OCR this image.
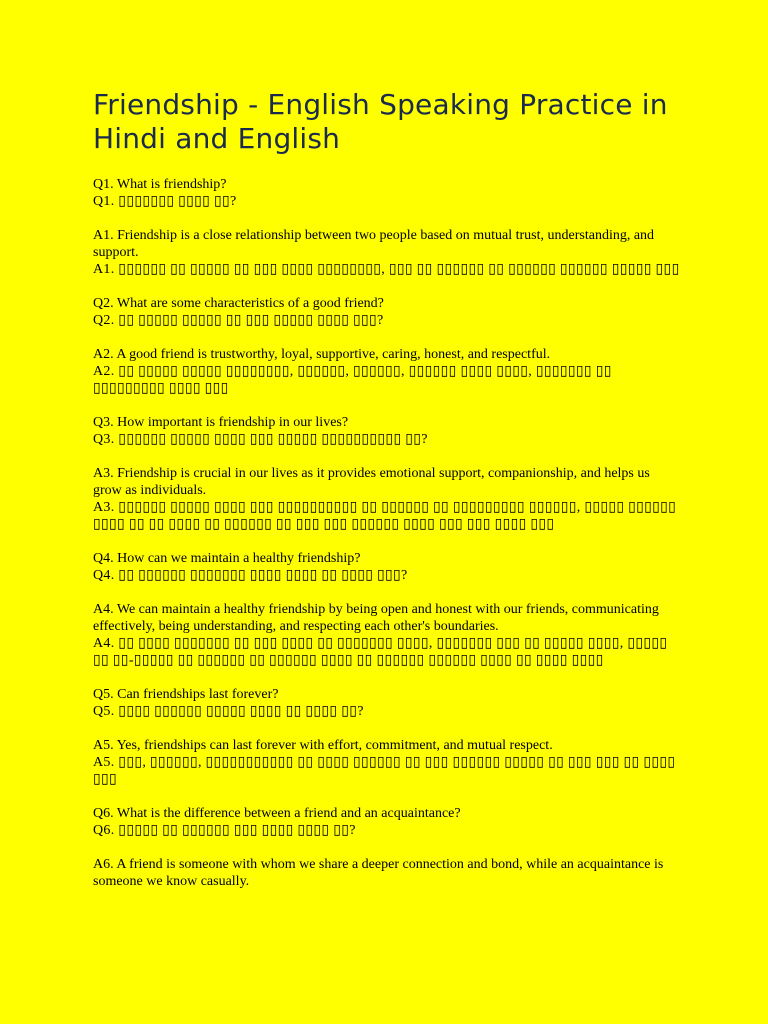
Friendship - English Speaking Practice in Hindi and English
Q1. What is friendship?
Q1. ▯▯▯▯▯▯▯ ▯▯▯▯ ▯▯?
A1. Friendship is a close relationship between two people based on mutual trust, understanding, and support.
A1. ▯▯▯▯▯▯ ▯▯ ▯▯▯▯▯ ▯▯ ▯▯▯ ▯▯▯▯ ▯▯▯▯▯▯▯▯, ▯▯▯ ▯▯ ▯▯▯▯▯▯ ▯▯ ▯▯▯▯▯▯ ▯▯▯▯▯▯ ▯▯▯▯▯ ▯▯▯
Q2. What are some characteristics of a good friend?
Q2. ▯▯ ▯▯▯▯▯ ▯▯▯▯▯ ▯▯ ▯▯▯ ▯▯▯▯▯ ▯▯▯▯ ▯▯▯?
A2. A good friend is trustworthy, loyal, supportive, caring, honest, and respectful.
A2. ▯▯ ▯▯▯▯▯ ▯▯▯▯▯ ▯▯▯▯▯▯▯▯, ▯▯▯▯▯▯, ▯▯▯▯▯▯, ▯▯▯▯▯▯ ▯▯▯▯ ▯▯▯▯, ▯▯▯▯▯▯▯ ▯▯ ▯▯▯▯▯▯▯▯▯ ▯▯▯▯ ▯▯▯
Q3. How important is friendship in our lives?
Q3. ▯▯▯▯▯▯ ▯▯▯▯▯ ▯▯▯▯ ▯▯▯ ▯▯▯▯▯ ▯▯▯▯▯▯▯▯▯▯ ▯▯?
A3. Friendship is crucial in our lives as it provides emotional support, companionship, and helps us grow as individuals.
A3. ▯▯▯▯▯▯ ▯▯▯▯▯ ▯▯▯▯ ▯▯▯ ▯▯▯▯▯▯▯▯▯▯ ▯▯ ▯▯▯▯▯▯ ▯▯ ▯▯▯▯▯▯▯▯▯ ▯▯▯▯▯▯, ▯▯▯▯▯ ▯▯▯▯▯▯ ▯▯▯▯ ▯▯ ▯▯ ▯▯▯▯ ▯▯ ▯▯▯▯▯▯ ▯▯ ▯▯▯ ▯▯▯ ▯▯▯▯▯▯ ▯▯▯▯ ▯▯▯ ▯▯▯ ▯▯▯▯ ▯▯▯
Q4. How can we maintain a healthy friendship?
Q4. ▯▯ ▯▯▯▯▯▯ ▯▯▯▯▯▯▯ ▯▯▯▯ ▯▯▯▯ ▯▯ ▯▯▯▯ ▯▯▯?
A4. We can maintain a healthy friendship by being open and honest with our friends, communicating effectively, being understanding, and respecting each other's boundaries.
A4. ▯▯ ▯▯▯▯ ▯▯▯▯▯▯▯ ▯▯ ▯▯▯ ▯▯▯▯ ▯▯ ▯▯▯▯▯▯▯ ▯▯▯▯, ▯▯▯▯▯▯▯ ▯▯▯ ▯▯ ▯▯▯▯▯ ▯▯▯▯, ▯▯▯▯▯ ▯▯ ▯▯-▯▯▯▯▯ ▯▯ ▯▯▯▯▯▯ ▯▯ ▯▯▯▯▯▯ ▯▯▯▯ ▯▯ ▯▯▯▯▯▯ ▯▯▯▯▯▯ ▯▯▯▯ ▯▯ ▯▯▯▯ ▯▯▯▯
Q5. Can friendships last forever?
Q5. ▯▯▯▯ ▯▯▯▯▯▯ ▯▯▯▯▯ ▯▯▯▯ ▯▯ ▯▯▯▯ ▯▯?
A5. Yes, friendships can last forever with effort, commitment, and mutual respect.
A5. ▯▯▯, ▯▯▯▯▯▯, ▯▯▯▯▯▯▯▯▯▯▯ ▯▯ ▯▯▯▯ ▯▯▯▯▯▯ ▯▯ ▯▯▯ ▯▯▯▯▯▯ ▯▯▯▯▯ ▯▯ ▯▯▯ ▯▯▯ ▯▯ ▯▯▯▯ ▯▯▯
Q6. What is the difference between a friend and an acquaintance?
Q6. ▯▯▯▯▯ ▯▯ ▯▯▯▯▯▯ ▯▯▯ ▯▯▯▯ ▯▯▯▯ ▯▯?
A6. A friend is someone with whom we share a deeper connection and bond, while an acquaintance is someone we know casually.
